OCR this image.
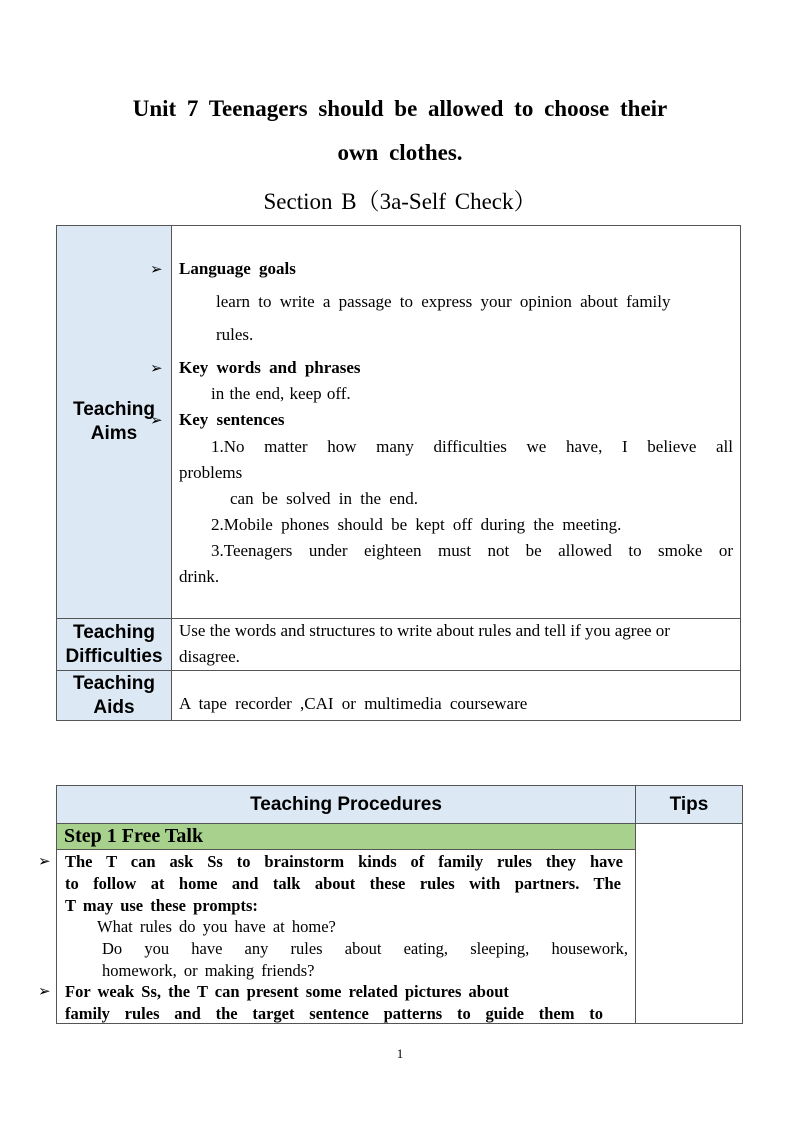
Unit 7 Teenagers should be allowed to choose their
own clothes.
Section B（3a-Self Check）
Teaching Aims
➢ Language goals
learn to write a passage to express your opinion about family
rules.
➢ Key words and phrases
in the end, keep off.
➢ Key sentences
1.No matter how many difficulties we have, I believe all
problems
can be solved in the end.
2.Mobile phones should be kept off during the meeting.
3.Teenagers under eighteen must not be allowed to smoke or
drink.
Teaching Difficulties
Use the words and structures to write about rules and tell if you agree or
disagree.
Teaching Aids	A tape recorder ,CAI or multimedia courseware
Teaching Procedures	Tips
Step 1 Free Talk
➢ The T can ask Ss to brainstorm kinds of family rules they have
to follow at home and talk about these rules with partners. The
T may use these prompts:
What rules do you have at home?
Do you have any rules about eating, sleeping, housework,
homework, or making friends?
➢ For weak Ss, the T can present some related pictures about
family rules and the target sentence patterns to guide them to
1
